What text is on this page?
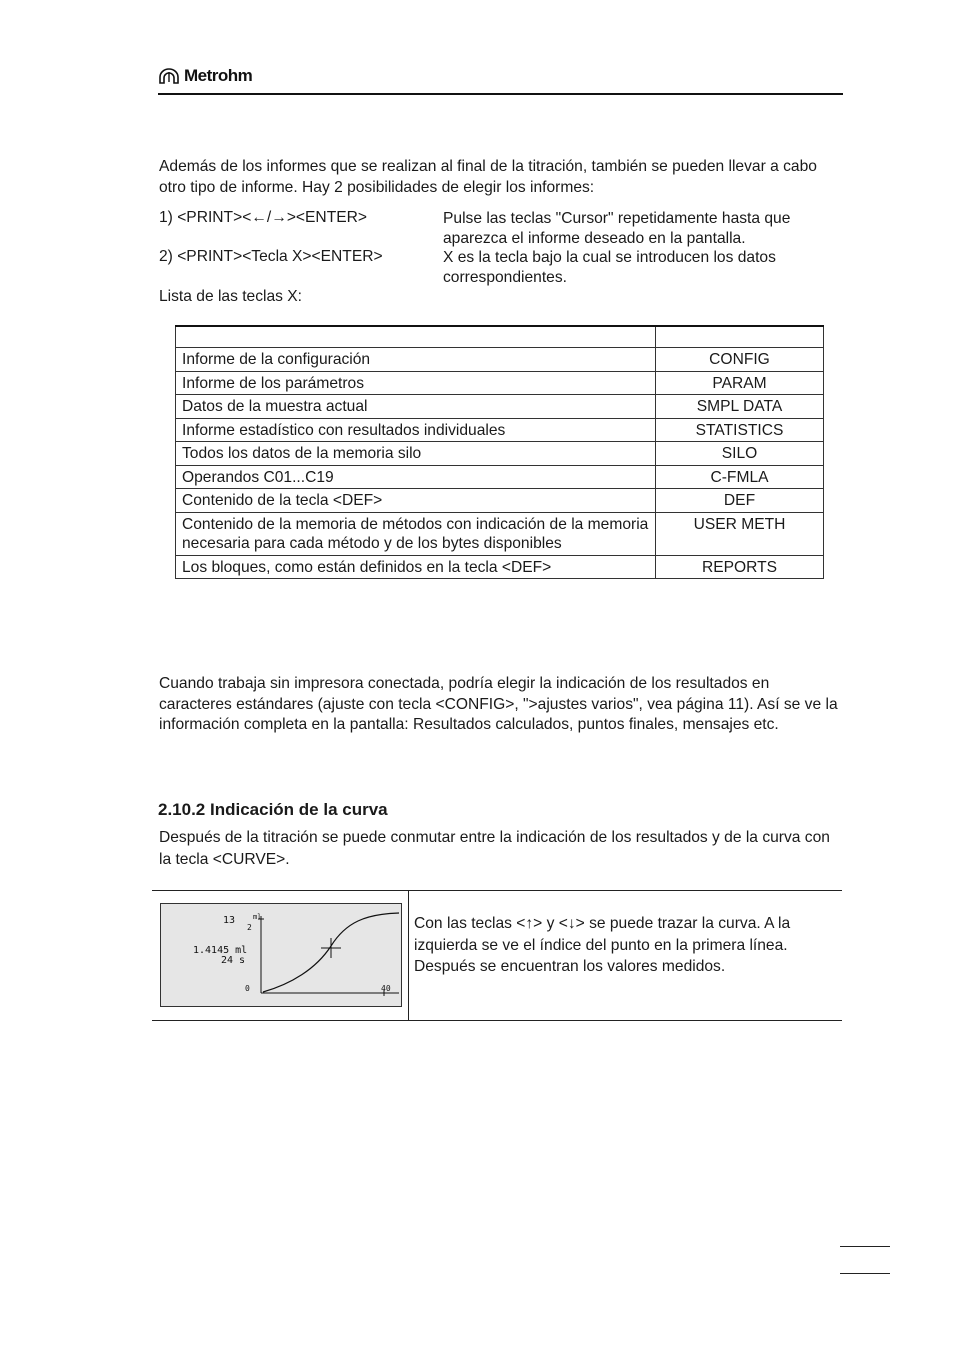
Metrohm

Además de los informes que se realizan al final de la titración, también se pueden llevar a cabo otro tipo de informe. Hay 2 posibilidades de elegir los informes:

1) <PRINT><←/→><ENTER>	Pulse las teclas "Cursor" repetidamente hasta que aparezca el informe deseado en la pantalla.
2) <PRINT><Tecla X><ENTER>	X es la tecla bajo la cual se introducen los datos correspondientes.
Lista de las teclas X:

Informe de la configuración	CONFIG
Informe de los parámetros	PARAM
Datos de la muestra actual	SMPL DATA
Informe estadístico con resultados individuales	STATISTICS
Todos los datos de la memoria silo	SILO
Operandos C01...C19	C-FMLA
Contenido de la tecla <DEF>	DEF
Contenido de la memoria de métodos con indicación de la memoria necesaria para cada método y de los bytes disponibles	USER METH
Los bloques, como están definidos en la tecla <DEF>	REPORTS

Cuando trabaja sin impresora conectada, podría elegir la indicación de los resultados en caracteres estándares (ajuste con tecla <CONFIG>, ">ajustes varios", vea página 11). Así se ve la información completa en la pantalla: Resultados calculados, puntos finales, mensajes etc.

2.10.2 Indicación de la curva

Después de la titración se puede conmutar entre la indicación de los resultados y de la curva con la tecla <CURVE>.

13
1.4145 ml
24 s
2
ml
0	40
Con las teclas <↑> y <↓> se puede trazar la curva. A la izquierda se ve el índice del punto en la primera línea. Después se encuentran los valores medidos.
